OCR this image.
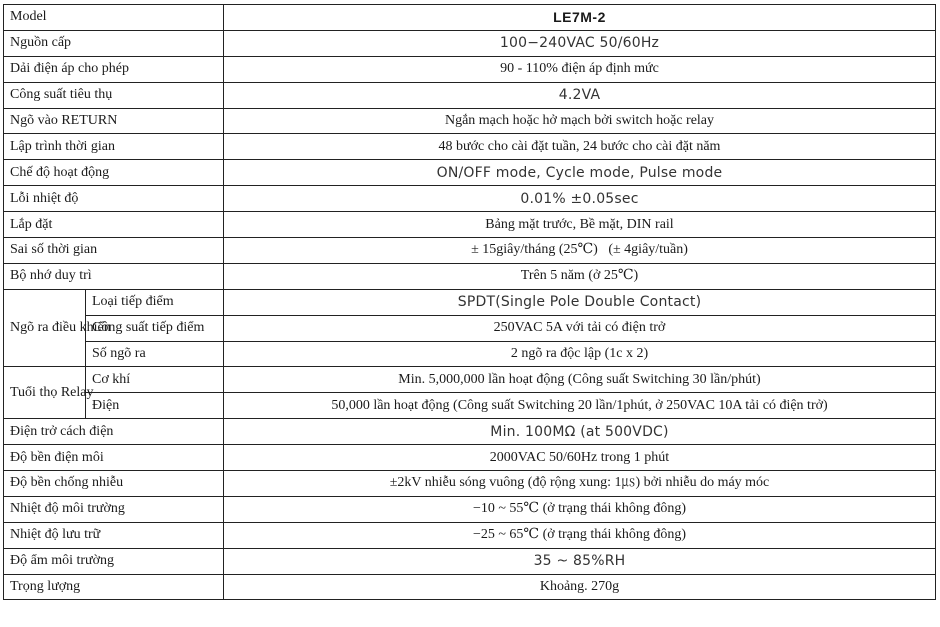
Model		LE7M-2
Nguồn cấp		100−240VAC 50/60Hz
Dải điện áp cho phép		90 - 110% điện áp định mức
Công suất tiêu thụ		4.2VA
Ngõ vào RETURN		Ngắn mạch hoặc hở mạch bởi switch hoặc relay
Lập trình thời gian		48 bước cho cài đặt tuần, 24 bước cho cài đặt năm
Chế độ hoạt động		ON/OFF mode, Cycle mode, Pulse mode
Lỗi nhiệt độ		0.01% ±0.05sec
Lắp đặt		Bảng mặt trước, Bề mặt, DIN rail
Sai số thời gian		± 15giây/tháng (25℃)   (± 4giây/tuần)
Bộ nhớ duy trì		Trên 5 năm (ở 25℃)
Ngõ ra điều khiển	Loại tiếp điểm	SPDT(Single Pole Double Contact)
	Công suất tiếp điểm	250VAC 5A với tải có điện trở
	Số ngõ ra	2 ngõ ra độc lập (1c x 2)
Tuổi thọ Relay	Cơ khí	Min. 5,000,000 lần hoạt động (Công suất Switching 30 lần/phút)
	Điện	50,000 lần hoạt động (Công suất Switching 20 lần/1phút, ở 250VAC 10A tải có điện trở)
Điện trở cách điện		Min. 100MΩ (at 500VDC)
Độ bền điện môi		2000VAC 50/60Hz trong 1 phút
Độ bền chống nhiễu		±2kV nhiễu sóng vuông (độ rộng xung: 1㎲) bởi nhiễu do máy móc
Nhiệt độ môi trường		−10 ~ 55℃ (ở trạng thái không đông)
Nhiệt độ lưu trữ		−25 ~ 65℃ (ở trạng thái không đông)
Độ ẩm môi trường		35 ~ 85%RH
Trọng lượng		Khoảng. 270g
